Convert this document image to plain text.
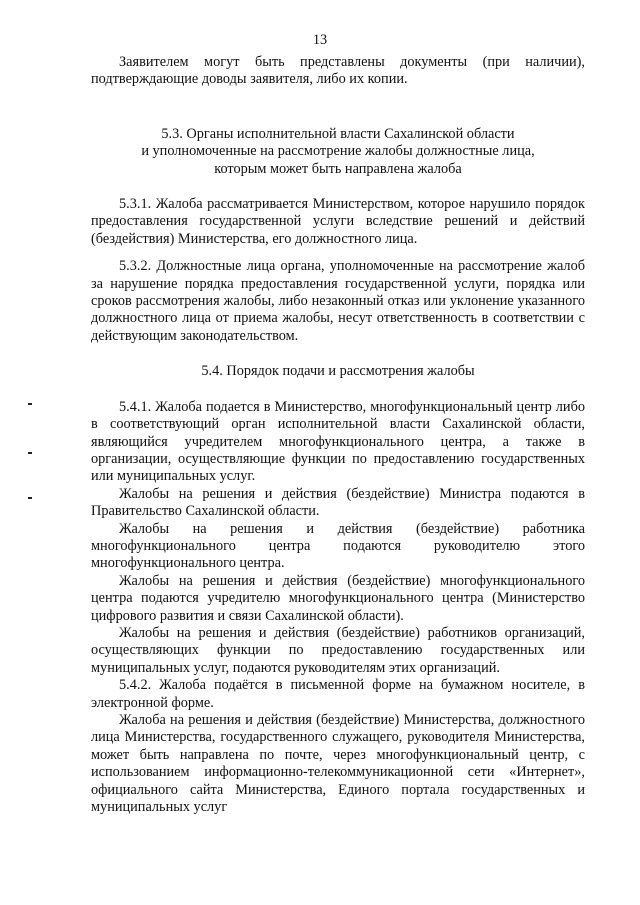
13

Заявителем могут быть представлены документы (при наличии), подтверждающие доводы заявителя, либо их копии.

5.3. Органы исполнительной власти Сахалинской области

и уполномоченные на рассмотрение жалобы должностные лица,

которым может быть направлена жалоба

5.3.1. Жалоба рассматривается Министерством, которое нарушило порядок предоставления государственной услуги вследствие решений и действий (бездействия) Министерства, его должностного лица.

5.3.2. Должностные лица органа, уполномоченные на рассмотрение жалоб за нарушение порядка предоставления государственной услуги, порядка или сроков рассмотрения жалобы, либо незаконный отказ или уклонение указанного должностного лица от приема жалобы, несут ответственность в соответствии с действующим законодательством.

5.4. Порядок подачи и рассмотрения жалобы

5.4.1. Жалоба подается в Министерство, многофункциональный центр либо в соответствующий орган исполнительной власти Сахалинской области, являющийся учредителем многофункционального центра, а также в организации, осуществляющие функции по предоставлению государственных или муниципальных услуг.

Жалобы на решения и действия (бездействие) Министра подаются в Правительство Сахалинской области.

Жалобы на решения и действия (бездействие) работника многофункционального центра подаются руководителю этого многофункционального центра.

Жалобы на решения и действия (бездействие) многофункционального центра подаются учредителю многофункционального центра (Министерство цифрового развития и связи Сахалинской области).

Жалобы на решения и действия (бездействие) работников организаций, осуществляющих функции по предоставлению государственных или муниципальных услуг, подаются руководителям этих организаций.

5.4.2. Жалоба подаётся в письменной форме на бумажном носителе, в электронной форме.

Жалоба на решения и действия (бездействие) Министерства, должностного лица Министерства, государственного служащего, руководителя Министерства, может быть направлена по почте, через многофункциональный центр, с использованием информационно-телекоммуникационной сети «Интернет», официального сайта Министерства, Единого портала государственных и муниципальных услуг
